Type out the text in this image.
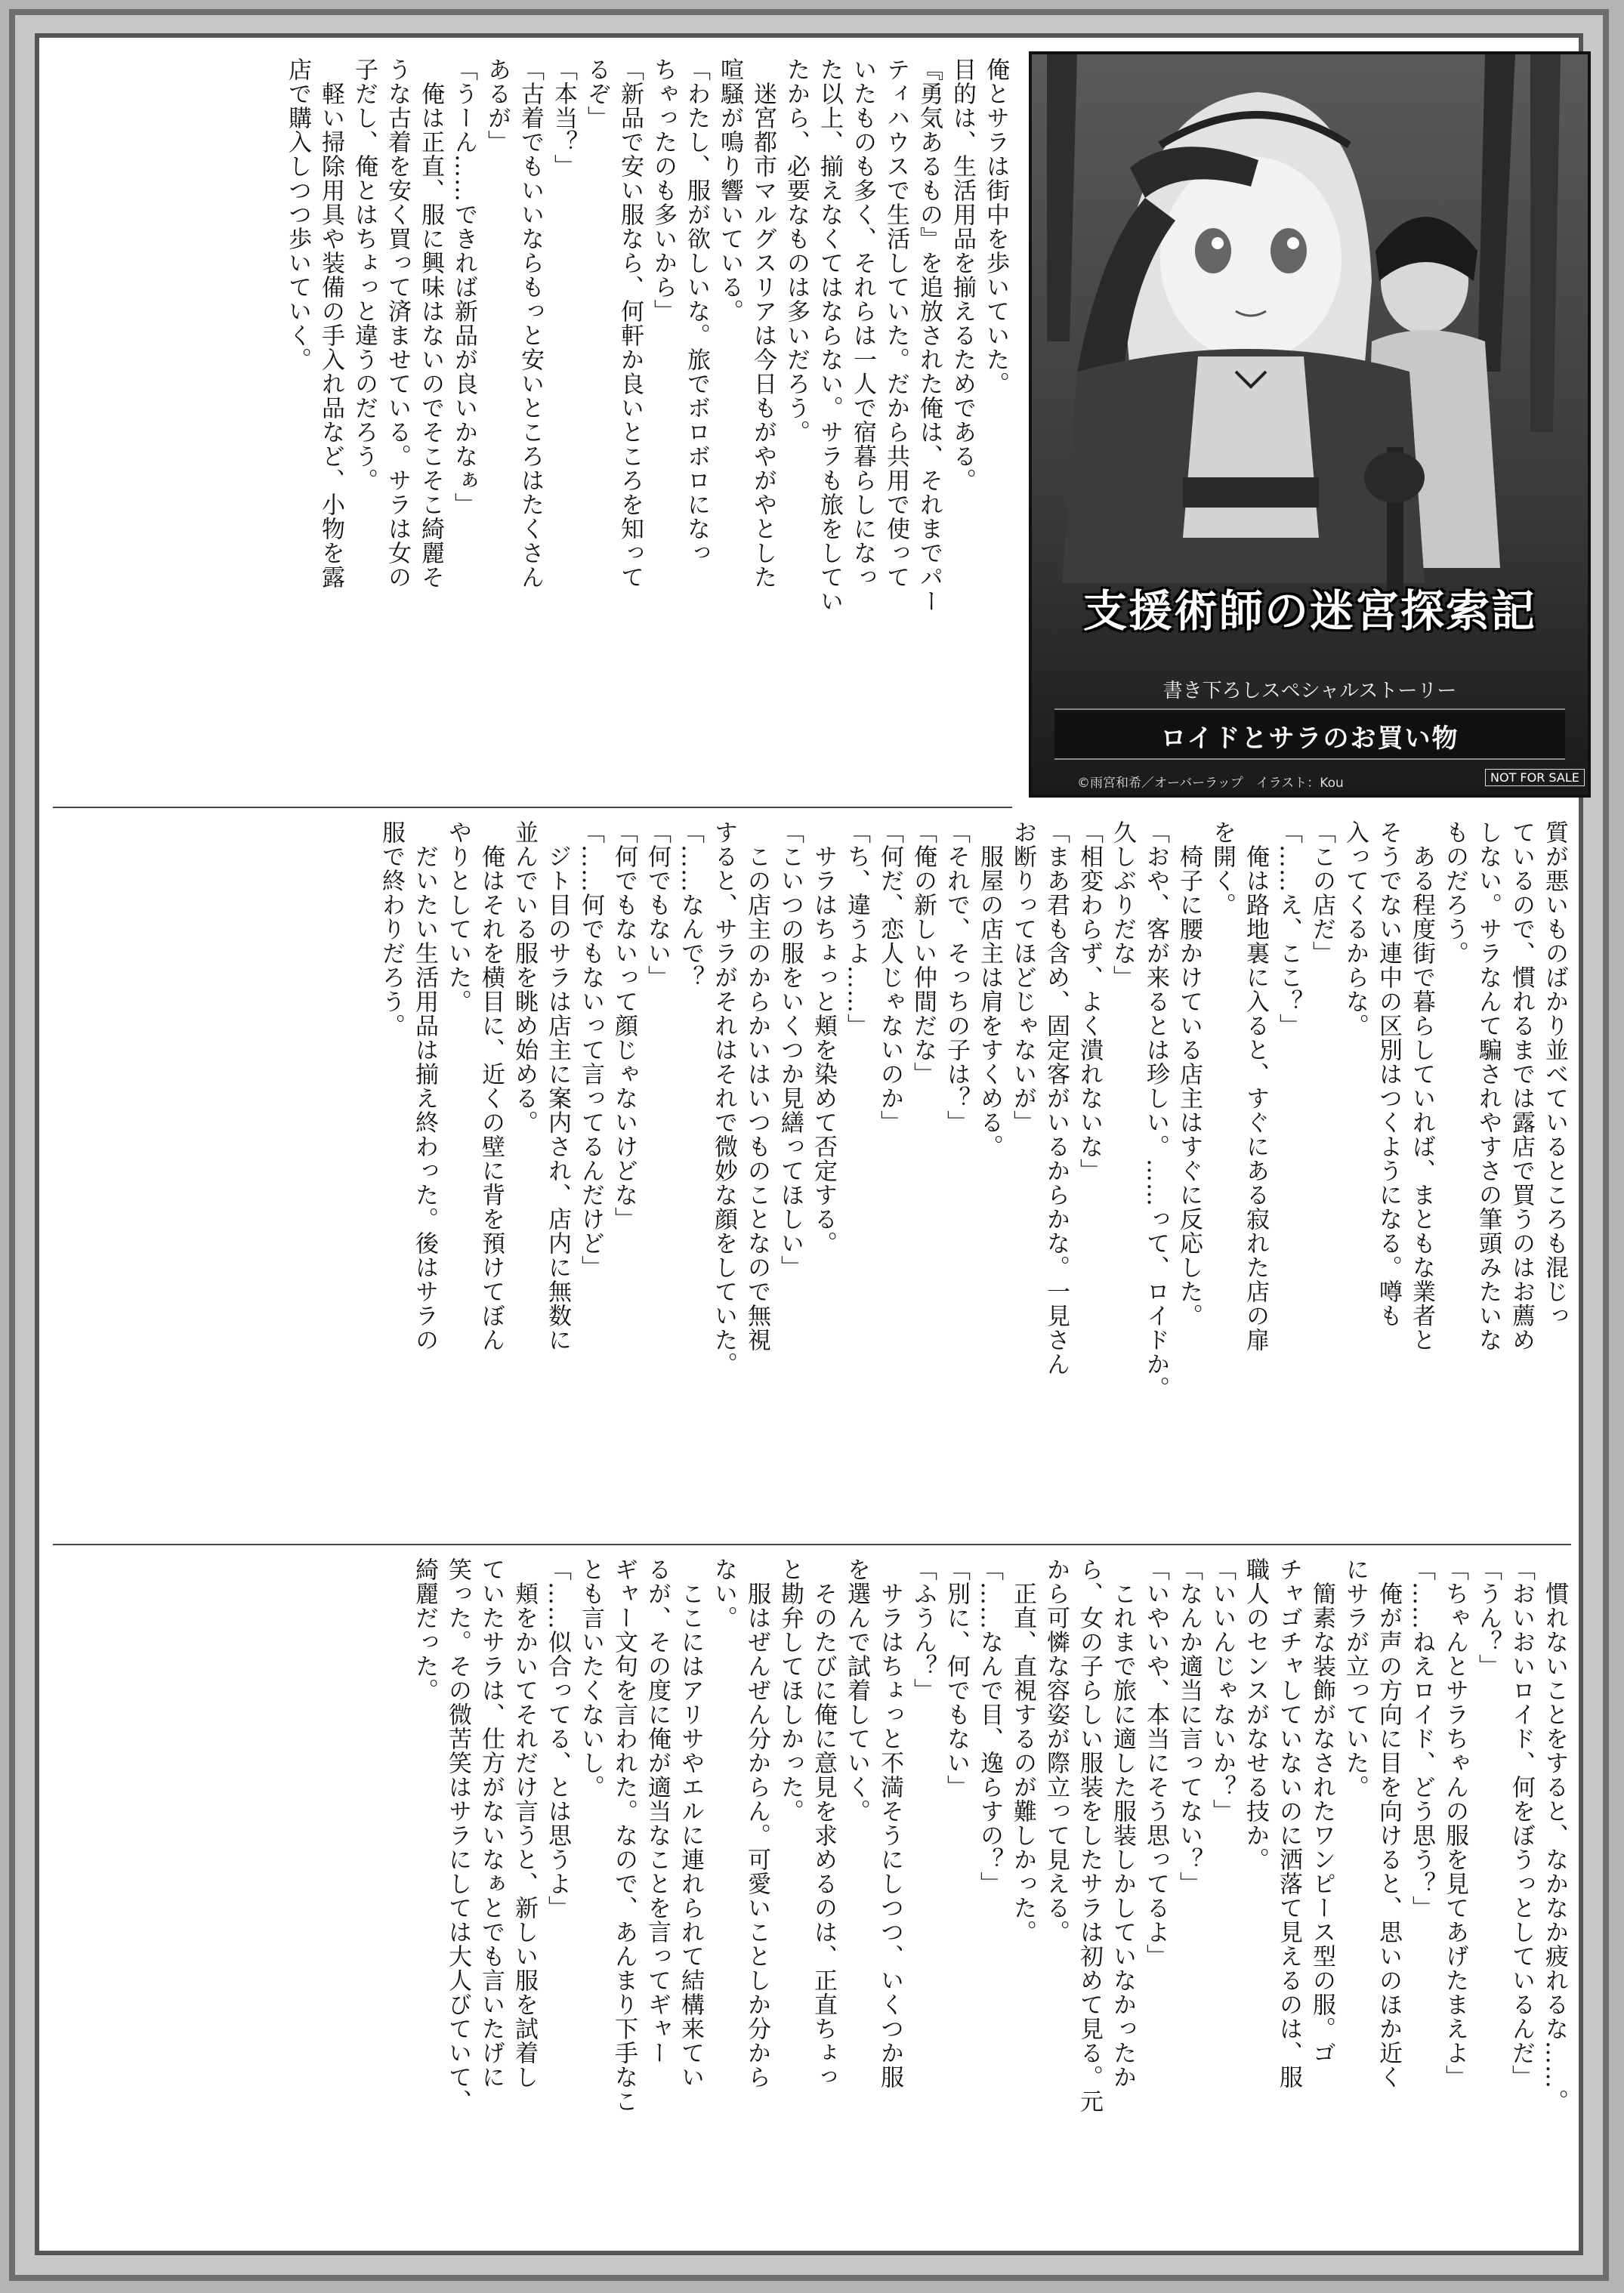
俺とサラは街中を歩いていた。
目的は、生活用品を揃えるためである。
『勇気あるもの』を追放された俺は、それまでパー
ティハウスで生活していた。だから共用で使って
いたものも多く、それらは一人で宿暮らしになっ
た以上、揃えなくてはならない。サラも旅をしてい
たから、必要なものは多いだろう。
　迷宮都市マルグスリアは今日もがやがやとした
喧騒が鳴り響いている。
「わたし、服が欲しいな。旅でボロボロになっ
ちゃったのも多いから」
「新品で安い服なら、何軒か良いところを知って
るぞ」
「本当？」
「古着でもいいならもっと安いところはたくさん
あるが」
「うーん……できれば新品が良いかなぁ」
　俺は正直、服に興味はないのでそこそこ綺麗そ
うな古着を安く買って済ませている。サラは女の
子だし、俺とはちょっと違うのだろう。
　軽い掃除用具や装備の手入れ品など、小物を露
店で購入しつつ歩いていく。
支援術師の迷宮探索記
書き下ろしスペシャルストーリー
ロイドとサラのお買い物
©雨宮和希／オーバーラップ　イラスト：Kou	NOT FOR SALE
質が悪いものばかり並べているところも混じっ
ているので、慣れるまでは露店で買うのはお薦め
しない。サラなんて騙されやすさの筆頭みたいな
ものだろう。
　ある程度街で暮らしていれば、まともな業者と
そうでない連中の区別はつくようになる。噂も
入ってくるからな。
「この店だ」
「……え、ここ？」
　俺は路地裏に入ると、すぐにある寂れた店の扉
を開く。
　椅子に腰かけている店主はすぐに反応した。
「おや、客が来るとは珍しい。……って、ロイドか。
久しぶりだな」
「相変わらず、よく潰れないな」
「まあ君も含め、固定客がいるからかな。一見さん
お断りってほどじゃないが」
　服屋の店主は肩をすくめる。
「それで、そっちの子は？」
「俺の新しい仲間だな」
「何だ、恋人じゃないのか」
「ち、違うよ……」
　サラはちょっと頬を染めて否定する。
「こいつの服をいくつか見繕ってほしい」
　この店主のからかいはいつものことなので無視
すると、サラがそれはそれで微妙な顔をしていた。
「……なんで？
「何でもない」
「何でもないって顔じゃないけどな」
「……何でもないって言ってるんだけど」
　ジト目のサラは店主に案内され、店内に無数に
並んでいる服を眺め始める。
　俺はそれを横目に、近くの壁に背を預けてぼん
やりとしていた。
　だいたい生活用品は揃え終わった。後はサラの
服で終わりだろう。
　慣れないことをすると、なかなか疲れるな……。
「おいおいロイド、何をぼうっとしているんだ」
「うん？」
「ちゃんとサラちゃんの服を見てあげたまえよ」
「……ねえロイド、どう思う？」
　俺が声の方向に目を向けると、思いのほか近く
にサラが立っていた。
　簡素な装飾がなされたワンピース型の服。ゴ
チャゴチャしていないのに洒落て見えるのは、服
職人のセンスがなせる技か。
「いいんじゃないか？」
「なんか適当に言ってない？」
「いやいや、本当にそう思ってるよ」
　これまで旅に適した服装しかしていなかったか
ら、女の子らしい服装をしたサラは初めて見る。元
から可憐な容姿が際立って見える。
　正直、直視するのが難しかった。
「……なんで目、逸らすの？」
「別に、何でもない」
「ふうん？」
　サラはちょっと不満そうにしつつ、いくつか服
を選んで試着していく。
　そのたびに俺に意見を求めるのは、正直ちょっ
と勘弁してほしかった。
　服はぜんぜん分からん。可愛いことしか分から
ない。
　ここにはアリサやエルに連れられて結構来てい
るが、その度に俺が適当なことを言ってギャー
ギャー文句を言われた。なので、あんまり下手なこ
とも言いたくないし。
「……似合ってる、とは思うよ」
　頬をかいてそれだけ言うと、新しい服を試着し
ていたサラは、仕方がないなぁとでも言いたげに
笑った。その微苦笑はサラにしては大人びていて、
綺麗だった。
